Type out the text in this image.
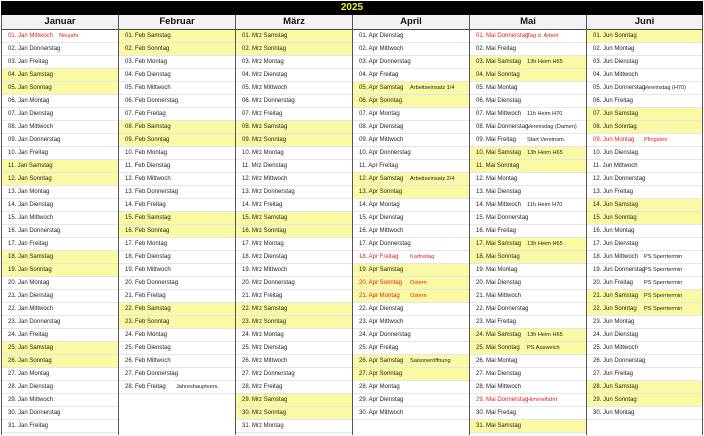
2025
Januar
01. Jan Mittwoch Neujahr
02. Jan Donnerstag
03. Jan Freitag
04. Jan Samstag
05. Jan Sonntag
06. Jan Montag
07. Jan Dienstag
08. Jan Mittwoch
09. Jan Donnerstag
10. Jan Freitag
11. Jan Samstag
12. Jan Sonntag
13. Jan Montag
14. Jan Dienstag
15. Jan Mittwoch
16. Jan Donnerstag
17. Jan Freitag
18. Jan Samstag
19. Jan Sonntag
20. Jan Montag
21. Jan Dienstag
22. Jan Mittwoch
23. Jan Donnerstag
24. Jan Freitag
25. Jan Samstag
26. Jan Sonntag
27. Jan Montag
28. Jan Dienstag
29. Jan Mittwoch
30. Jan Donnerstag
31. Jan Freitag
Februar
01. Feb Samstag
02. Feb Sonntag
03. Feb Montag
04. Feb Dienstag
05. Feb Mittwoch
06. Feb Donnerstag
07. Feb Freitag
08. Feb Samstag
09. Feb Sonntag
10. Feb Montag
11. Feb Dienstag
12. Feb Mittwoch
13. Feb Donnerstag
14. Feb Freitag
15. Feb Samstag
16. Feb Sonntag
17. Feb Montag
18. Feb Dienstag
19. Feb Mittwoch
20. Feb Donnerstag
21. Feb Freitag
22. Feb Samstag
23. Feb Sonntag
24. Feb Montag
25. Feb Dienstag
26. Feb Mittwoch
27. Feb Donnerstag
28. Feb Freitag Jahreshauptvers.
März
01. Mrz Samstag
02. Mrz Sonntag
03. Mrz Montag
04. Mrz Dienstag
05. Mrz Mittwoch
06. Mrz Donnerstag
07. Mrz Freitag
08. Mrz Samstag
09. Mrz Sonntag
10. Mrz Montag
11. Mrz Dienstag
12. Mrz Mittwoch
13. Mrz Donnerstag
14. Mrz Freitag
15. Mrz Samstag
16. Mrz Sonntag
17. Mrz Montag
18. Mrz Dienstag
19. Mrz Mittwoch
20. Mrz Donnerstag
21. Mrz Freitag
22. Mrz Samstag
23. Mrz Sonntag
24. Mrz Montag
25. Mrz Dienstag
26. Mrz Mittwoch
27. Mrz Donnerstag
28. Mrz Freitag
29. Mrz Samstag
30. Mrz Sonntag
31. Mrz Montag
April
01. Apr Dienstag
02. Apr Mittwoch
03. Apr Donnerstag
04. Apr Freitag
05. Apr Samstag Arbeitseinsatz 1/4
06. Apr Sonntag
07. Apr Montag
08. Apr Dienstag
09. Apr Mittwoch
10. Apr Donnerstag
11. Apr Freitag
12. Apr Samstag Arbeitseinsatz 2/4
13. Apr Sonntag
14. Apr Montag
15. Apr Dienstag
16. Apr Mittwoch
17. Apr Donnerstag
18. Apr Freitag Karfreitag
19. Apr Samstag
20. Apr Sonntag Ostern
21. Apr Montag Ostern
22. Apr Dienstag
23. Apr Mittwoch
24. Apr Donnerstag
25. Apr Freitag
26. Apr Samstag Saisoneröffnung
27. Apr Sonntag
28. Apr Montag
29. Apr Dienstag
30. Apr Mittwoch
Mai
01. Mai Donnerstag
Tag d. Arbeit
02. Mai Freitag
03. Mai Samstag 13h Heim H65
04. Mai Sonntag
05. Mai Montag
06. Mai Dienstag
07. Mai Mittwoch 11h Heim H70
08. Mai Donnerstag
Vereinstag (Damen)
09. Mai Freitag Start Vereinsm.
10. Mai Samstag 13h Heim H65
11. Mai Sonntag
12. Mai Montag
13. Mai Dienstag
14. Mai Mittwoch 11h Heim H70
15. Mai Donnerstag
16. Mai Freitag
17. Mai Samstag 13h Heim H65
18. Mai Sonntag
19. Mai Montag
20. Mai Dienstag
21. Mai Mittwoch
22. Mai Donnerstag
23. Mai Freitag
24. Mai Samstag 13h Heim H65
25. Mai Sonntag PS Ausweich
26. Mai Montag
27. Mai Dienstag
28. Mai Mittwoch
29. Mai Donnerstag
Himmelfahrt
30. Mai Freitag
31. Mai Samstag
Juni
01. Jun Sonntag
02. Jun Montag
03. Jun Dienstag
04. Jun Mittwoch
05. Jun Donnerstag
Vereinstag (H70)
06. Jun Freitag
07. Jun Samstag
08. Jun Sonntag
09. Jun Montag Pfingsten
10. Jun Dienstag
11. Jun Mittwoch
12. Jun Donnerstag
13. Jun Freitag
14. Jun Samstag
15. Jun Sonntag
16. Jun Montag
17. Jun Dienstag
18. Jun Mittwoch PS Sperrtermin
19. Jun Donnerstag
PS Sperrtermin
20. Jun Freitag PS Sperrtermin
21. Jun Samstag PS Sperrtermin
22. Jun Sonntag PS Sperrtermin
23. Jun Montag
24. Jun Dienstag
25. Jun Mittwoch
26. Jun Donnerstag
27. Jun Freitag
28. Jun Samstag
29. Jun Sonntag
30. Jun Montag
